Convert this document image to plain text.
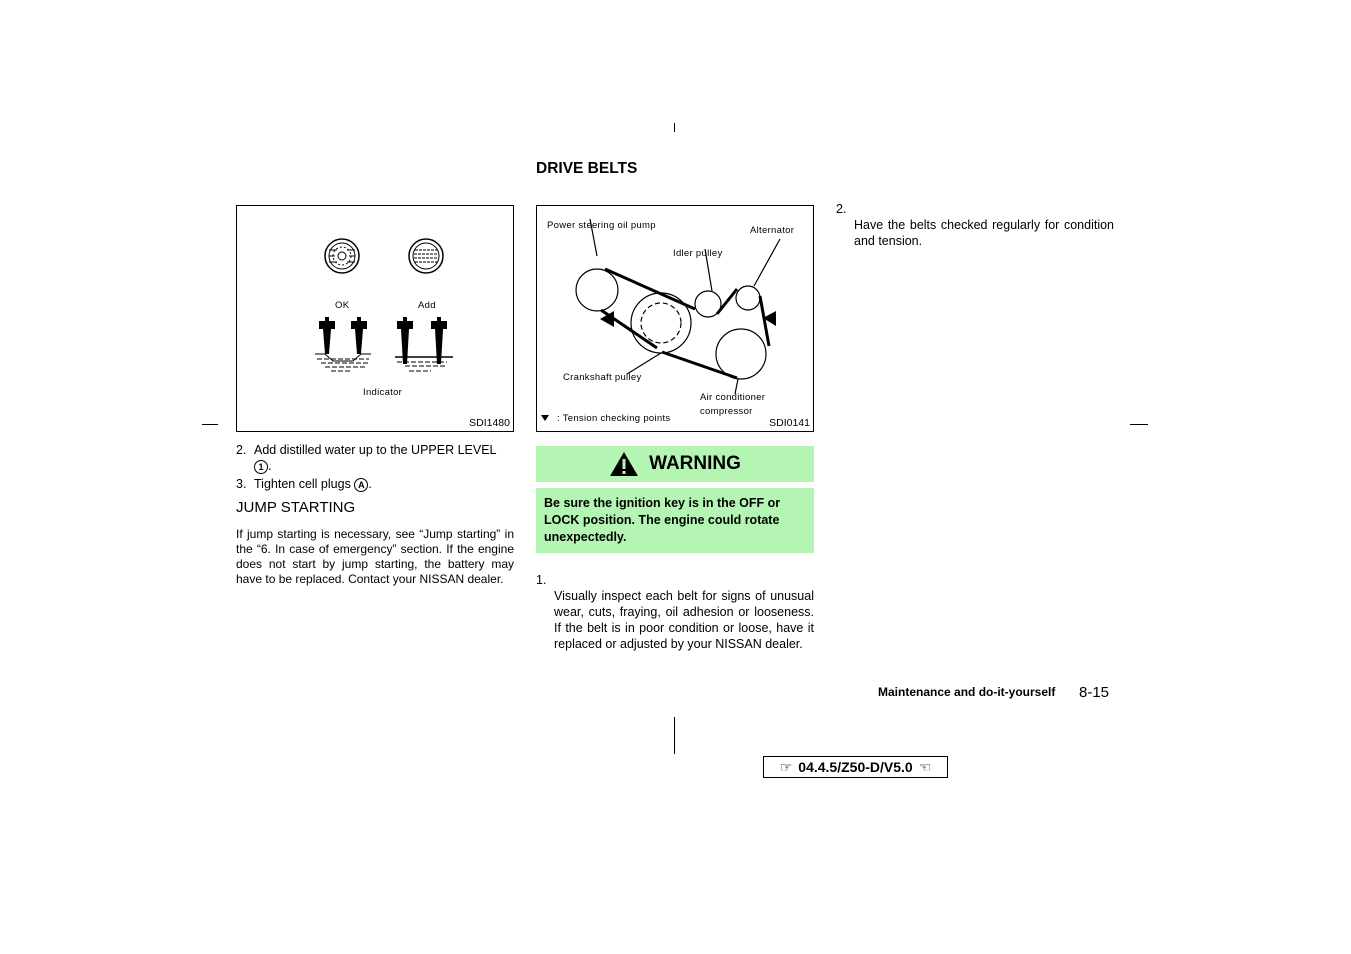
OK	Add
Indicator
SDI1480
2. Add distilled water up to the UPPER LEVEL
1 .
3. Tighten cell plugs A .
JUMP STARTING
If jump starting is necessary, see “Jump starting” in the “6. In case of emergency” section. If the engine does not start by jump starting, the battery may have to be replaced. Contact your NISSAN dealer.
DRIVE BELTS
Power steering oil pump	Alternator
Idler pulley
Crankshaft pulley
Air conditioner
compressor
: Tension checking points	SDI0141
WARNING
Be sure the ignition key is in the OFF or LOCK position. The engine could rotate unexpectedly.
1.
Visually inspect each belt for signs of unusual wear, cuts, fraying, oil adhesion or looseness. If the belt is in poor condition or loose, have it replaced or adjusted by your NISSAN dealer.
2.
Have the belts checked regularly for condition and tension.
Maintenance and do-it-yourself 8-15
☞ 04.4.5/Z50-D/V5.0 ☜
